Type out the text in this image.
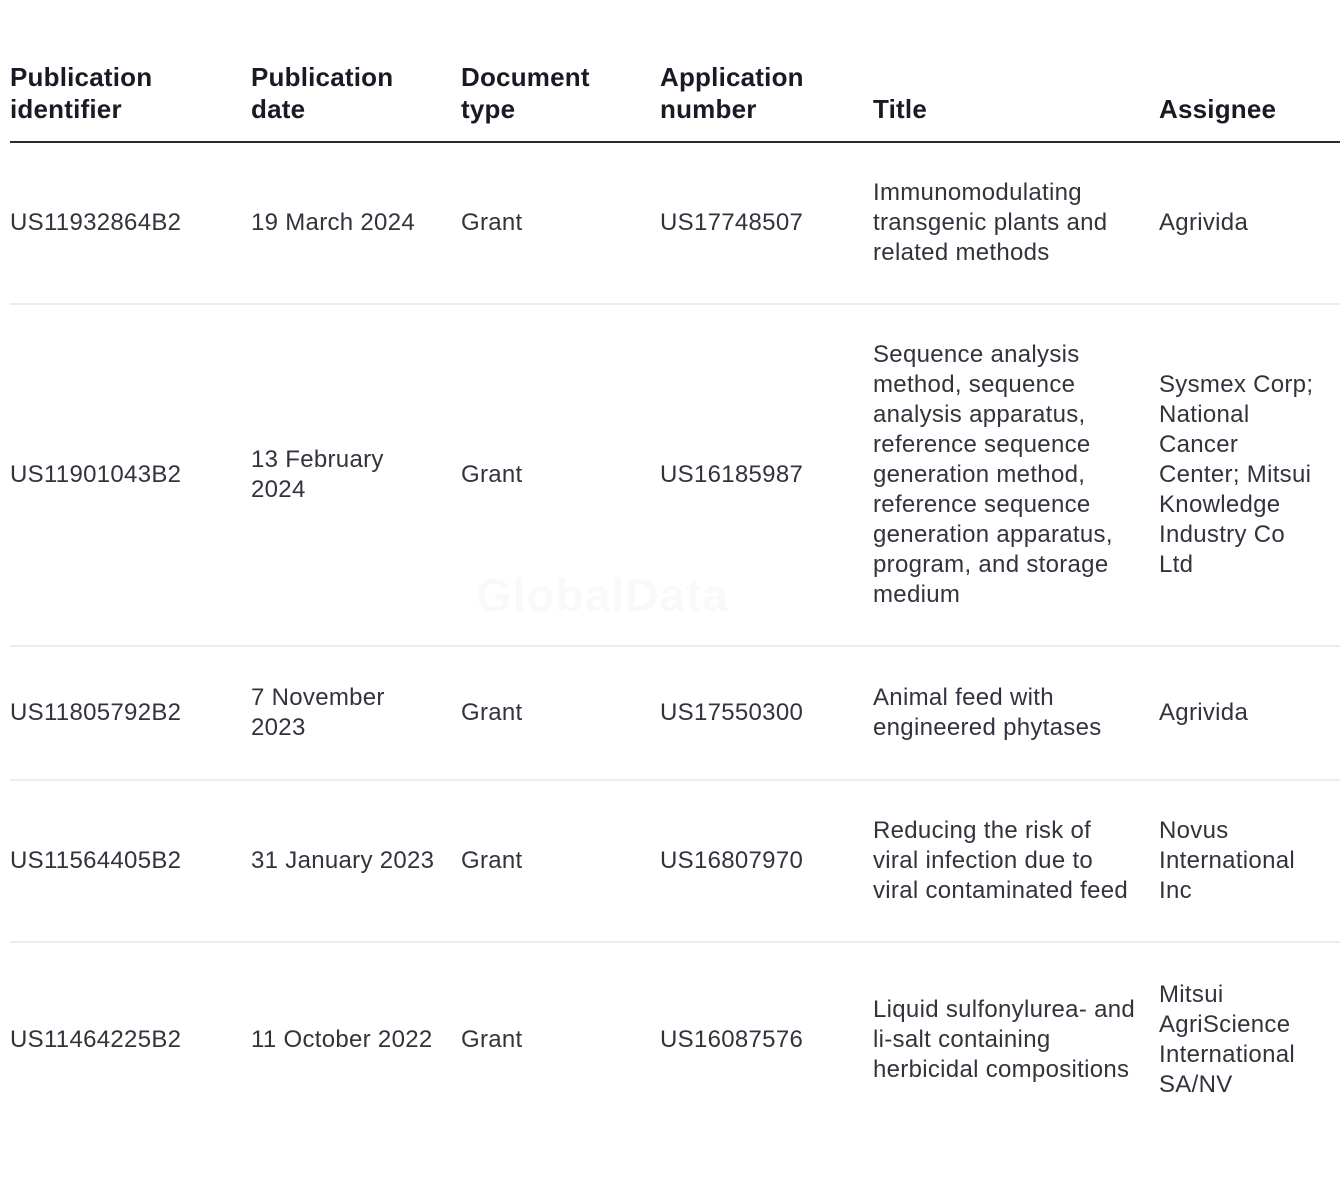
Publication identifier	Publication date	Document type	Application number	Title	Assignee
US11932864B2	19 March 2024	Grant	US17748507	Immunomodulating transgenic plants and related methods	Agrivida
US11901043B2	13 February 2024	Grant	US16185987	Sequence analysis method, sequence analysis apparatus, reference sequence generation method, reference sequence generation apparatus, program, and storage medium	Sysmex Corp; National Cancer Center; Mitsui Knowledge Industry Co Ltd
US11805792B2	7 November 2023	Grant	US17550300	Animal feed with engineered phytases	Agrivida
US11564405B2	31 January 2023	Grant	US16807970	Reducing the risk of viral infection due to viral contaminated feed	Novus International Inc
US11464225B2	11 October 2022	Grant	US16087576	Liquid sulfonylurea- and li-salt containing herbicidal compositions	Mitsui AgriScience International SA/NV
